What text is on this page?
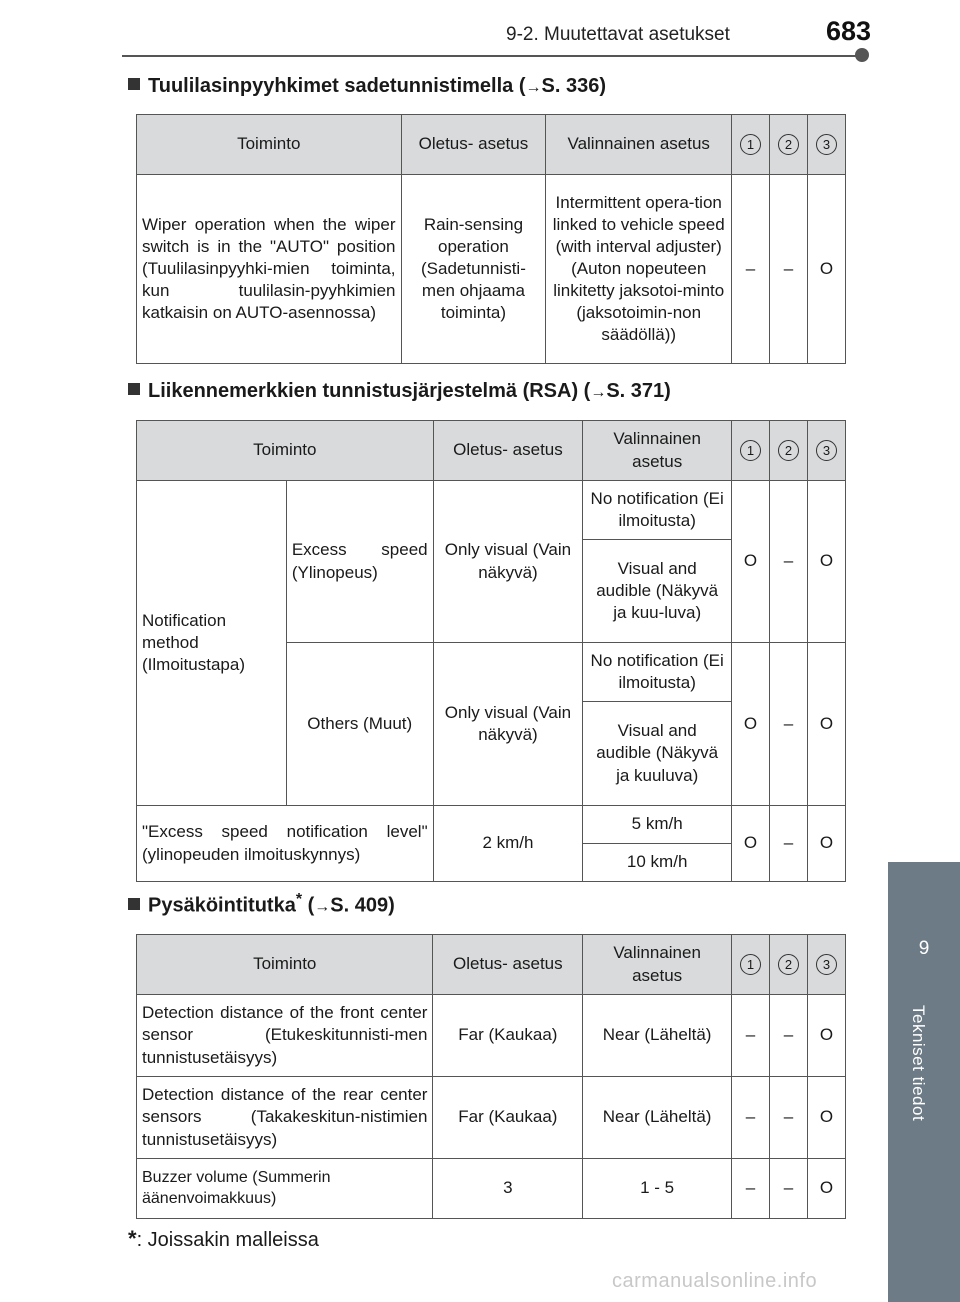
9-2. Muutettavat asetukset	683
9
Tekniset tiedot
Tuulilasinpyyhkimet sadetunnistimella (→S. 336)
Toiminto	Oletus- asetus	Valinnainen asetus	1	2	3
Wiper operation when the wiper switch is in the "AUTO" position (Tuulilasinpyyhki-mien toiminta, kun tuulilasin-pyyhkimien katkaisin on AUTO-asennossa)	Rain-sensing operation (Sadetunnisti-men ohjaama toiminta)	Intermittent opera-tion linked to vehicle speed (with interval adjuster) (Auton nopeuteen linkitetty jaksotoi-minto (jaksotoimin-non säädöllä))	–	–	O
Liikennemerkkien tunnistusjärjestelmä (RSA) (→S. 371)
Toiminto		Oletus- asetus	Valinnainen asetus	1	2	3
Notification method (Ilmoitustapa)	Excess speed (Ylinopeus)	Only visual (Vain näkyvä)	No notification (Ei ilmoitusta)	O	–	O
			Visual and audible (Näkyvä ja kuu-luva)			
	Others (Muut)	Only visual (Vain näkyvä)	No notification (Ei ilmoitusta)	O	–	O
			Visual and audible (Näkyvä ja kuuluva)			
"Excess speed notification level" (ylinopeuden ilmoituskynnys)		2 km/h	5 km/h	O	–	O
			10 km/h			
Pysäköintitutka* (→S. 409)
Toiminto	Oletus- asetus	Valinnainen asetus	1	2	3
Detection distance of the front center sensor (Etukeskitunnisti-men tunnistusetäisyys)	Far (Kaukaa)	Near (Läheltä)	–	–	O
Detection distance of the rear center sensors (Takakeskitun-nistimien tunnistusetäisyys)	Far (Kaukaa)	Near (Läheltä)	–	–	O
Buzzer volume (Summerin äänenvoimakkuus)	3	1 - 5	–	–	O
*: Joissakin malleissa
carmanualsonline.info
